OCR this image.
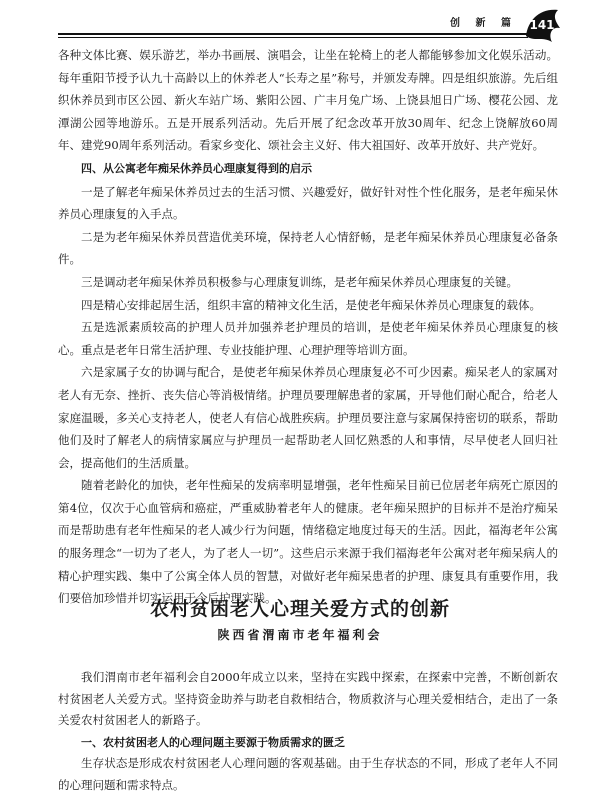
创 新 篇	141

各种文体比赛、娱乐游艺，举办书画展、演唱会，让坐在轮椅上的老人都能够参加文化娱乐活动。每年重阳节授予认九十高龄以上的休养老人“长寿之星”称号，并颁发寿牌。四是组织旅游。先后组织休养员到市区公园、新火车站广场、紫阳公园、广丰月兔广场、上饶县旭日广场、樱花公园、龙潭湖公园等地游乐。五是开展系列活动。先后开展了纪念改革开放30周年、纪念上饶解放60周年、建党90周年系列活动。看家乡变化、颂社会主义好、伟大祖国好、改革开放好、共产党好。

四、从公寓老年痴呆休养员心理康复得到的启示

一是了解老年痴呆休养员过去的生活习惯、兴趣爱好，做好针对性个性化服务，是老年痴呆休养员心理康复的入手点。

二是为老年痴呆休养员营造优美环境，保持老人心情舒畅，是老年痴呆休养员心理康复必备条件。

三是调动老年痴呆休养员积极参与心理康复训练，是老年痴呆休养员心理康复的关键。

四是精心安排起居生活，组织丰富的精神文化生活，是使老年痴呆休养员心理康复的载体。

五是选派素质较高的护理人员并加强养老护理员的培训，是使老年痴呆休养员心理康复的核心。重点是老年日常生活护理、专业技能护理、心理护理等培训方面。

六是家属子女的协调与配合，是使老年痴呆休养员心理康复必不可少因素。痴呆老人的家属对老人有无奈、挫折、丧失信心等消极情绪。护理员要理解患者的家属，开导他们耐心配合，给老人家庭温暖，多关心支持老人，使老人有信心战胜疾病。护理员要注意与家属保持密切的联系，帮助他们及时了解老人的病情家属应与护理员一起帮助老人回忆熟悉的人和事情，尽早使老人回归社会，提高他们的生活质量。

随着老龄化的加快，老年性痴呆的发病率明显增强，老年性痴呆目前已位居老年病死亡原因的第4位，仅次于心血管病和癌症，严重威胁着老年人的健康。老年痴呆照护的目标并不是治疗痴呆而是帮助患有老年性痴呆的老人减少行为问题，情绪稳定地度过每天的生活。因此，福海老年公寓的服务理念“一切为了老人，为了老人一切”。这些启示来源于我们福海老年公寓对老年痴呆病人的精心护理实践、集中了公寓全体人员的智慧，对做好老年痴呆患者的护理、康复具有重要作用，我们要倍加珍惜并切实运用于今后护理实践。

农村贫困老人心理关爱方式的创新
陕西省渭南市老年福利会

我们渭南市老年福利会自2000年成立以来，坚持在实践中探索，在探索中完善，不断创新农村贫困老人关爱方式。坚持资金助养与助老自救相结合，物质救济与心理关爱相结合，走出了一条关爱农村贫困老人的新路子。

一、农村贫困老人的心理问题主要源于物质需求的匮乏

生存状态是形成农村贫困老人心理问题的客观基础。由于生存状态的不同，形成了老年人不同的心理问题和需求特点。
